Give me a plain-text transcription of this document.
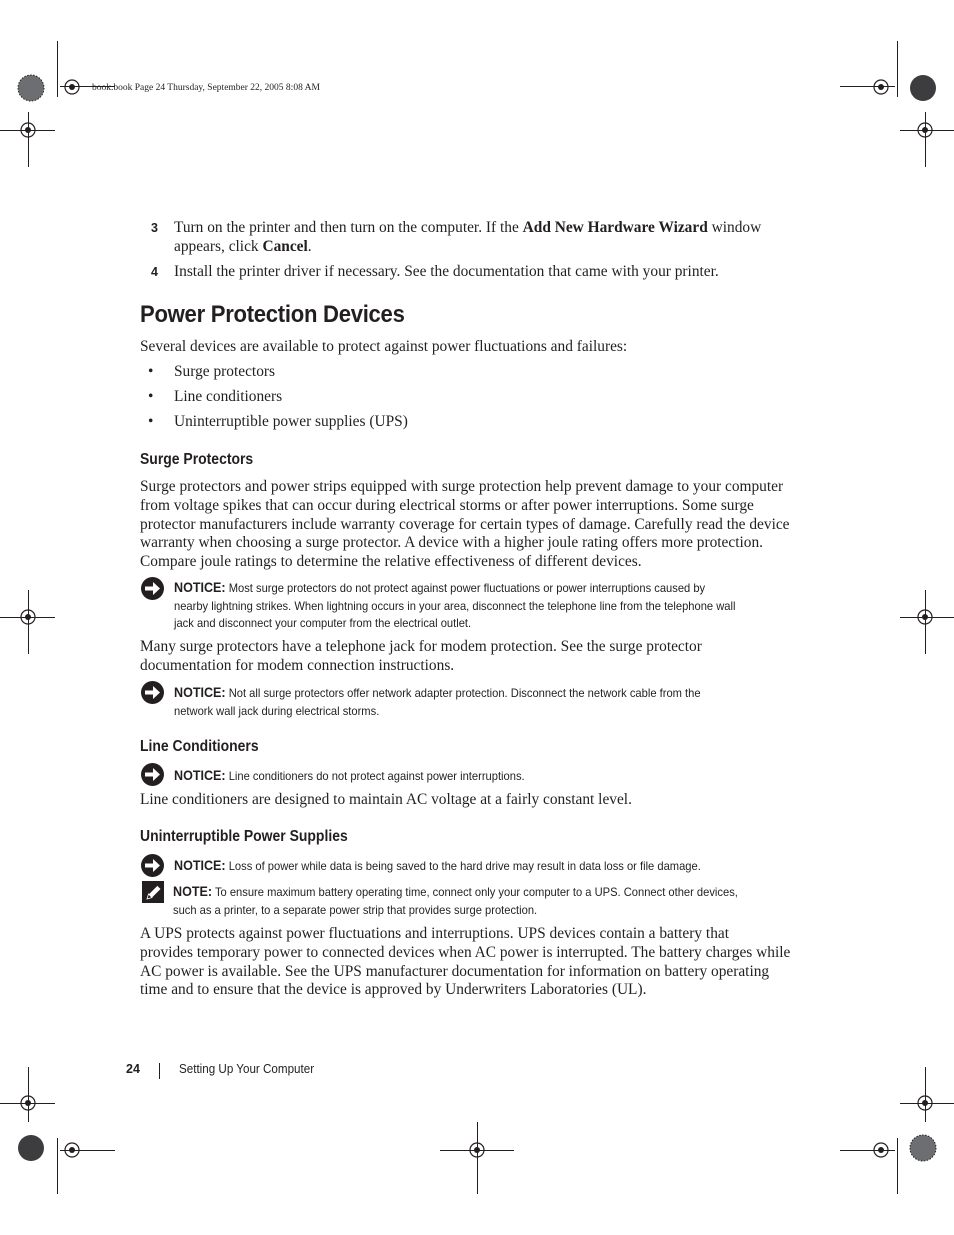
book.book Page 24 Thursday, September 22, 2005 8:08 AM
3 Turn on the printer and then turn on the computer. If the Add New Hardware Wizard window
appears, click Cancel.
4 Install the printer driver if necessary. See the documentation that came with your printer.
Power Protection Devices
Several devices are available to protect against power fluctuations and failures:
• Surge protectors
• Line conditioners
• Uninterruptible power supplies (UPS)
Surge Protectors
Surge protectors and power strips equipped with surge protection help prevent damage to your computer
from voltage spikes that can occur during electrical storms or after power interruptions. Some surge
protector manufacturers include warranty coverage for certain types of damage. Carefully read the device
warranty when choosing a surge protector. A device with a higher joule rating offers more protection.
Compare joule ratings to determine the relative effectiveness of different devices.
NOTICE: Most surge protectors do not protect against power fluctuations or power interruptions caused by
nearby lightning strikes. When lightning occurs in your area, disconnect the telephone line from the telephone wall
jack and disconnect your computer from the electrical outlet.
Many surge protectors have a telephone jack for modem protection. See the surge protector
documentation for modem connection instructions.
NOTICE: Not all surge protectors offer network adapter protection. Disconnect the network cable from the
network wall jack during electrical storms.
Line Conditioners
NOTICE: Line conditioners do not protect against power interruptions.
Line conditioners are designed to maintain AC voltage at a fairly constant level.
Uninterruptible Power Supplies
NOTICE: Loss of power while data is being saved to the hard drive may result in data loss or file damage.
NOTE: To ensure maximum battery operating time, connect only your computer to a UPS. Connect other devices,
such as a printer, to a separate power strip that provides surge protection.
A UPS protects against power fluctuations and interruptions. UPS devices contain a battery that
provides temporary power to connected devices when AC power is interrupted. The battery charges while
AC power is available. See the UPS manufacturer documentation for information on battery operating
time and to ensure that the device is approved by Underwriters Laboratories (UL).
24	Setting Up Your Computer
